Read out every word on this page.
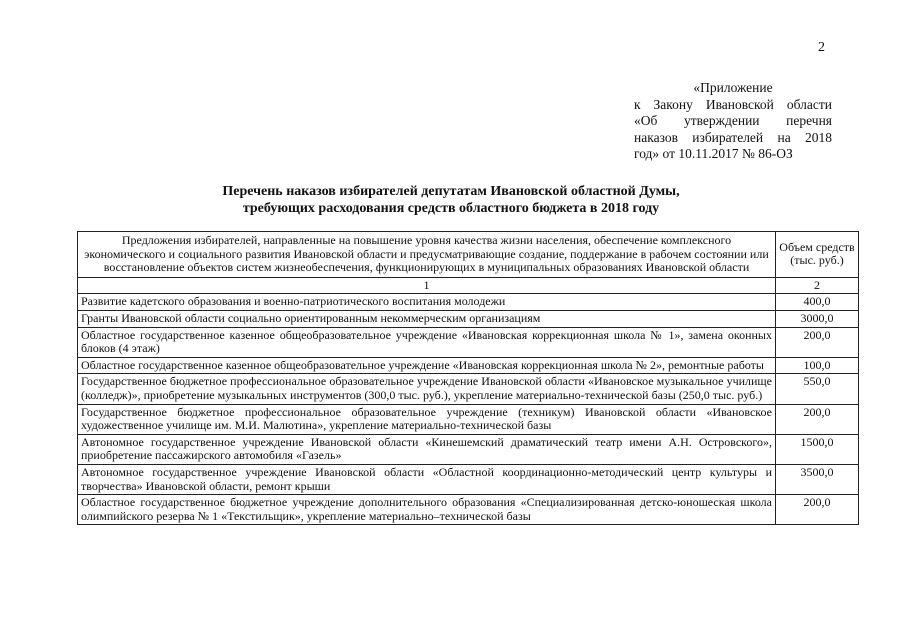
2
«Приложение
к Закону Ивановской области
«Об утверждении перечня
наказов избирателей на 2018
год» от 10.11.2017 № 86-ОЗ
Перечень наказов избирателей депутатам Ивановской областной Думы,
требующих расходования средств областного бюджета в 2018 году
Предложения избирателей, направленные на повышение уровня качества жизни населения, обеспечение комплексного экономического и социального развития Ивановской области и предусматривающие создание, поддержание в рабочем состоянии или восстановление объектов систем жизнеобеспечения, функционирующих в муниципальных образованиях Ивановской области	Объем средств (тыс. руб.)
1	2
Развитие кадетского образования и военно-патриотического воспитания молодежи	400,0
Гранты Ивановской области социально ориентированным некоммерческим организациям	3000,0
Областное государственное казенное общеобразовательное учреждение «Ивановская коррекционная школа № 1», замена оконных блоков (4 этаж)	200,0
Областное государственное казенное общеобразовательное учреждение «Ивановская коррекционная школа № 2», ремонтные работы	100,0
Государственное бюджетное профессиональное образовательное учреждение Ивановской области «Ивановское музыкальное училище (колледж)», приобретение музыкальных инструментов (300,0 тыс. руб.), укрепление материально-технической базы (250,0 тыс. руб.)	550,0
Государственное бюджетное профессиональное образовательное учреждение (техникум) Ивановской области «Ивановское художественное училище им. М.И. Малютина», укрепление материально-технической базы	200,0
Автономное государственное учреждение Ивановской области «Кинешемский драматический театр имени А.Н. Островского», приобретение пассажирского автомобиля «Газель»	1500,0
Автономное государственное учреждение Ивановской области «Областной координационно-методический центр культуры и творчества» Ивановской области, ремонт крыши	3500,0
Областное государственное бюджетное учреждение дополнительного образования «Специализированная детско-юношеская школа олимпийского резерва № 1 «Текстильщик», укрепление материально–технической базы	200,0
